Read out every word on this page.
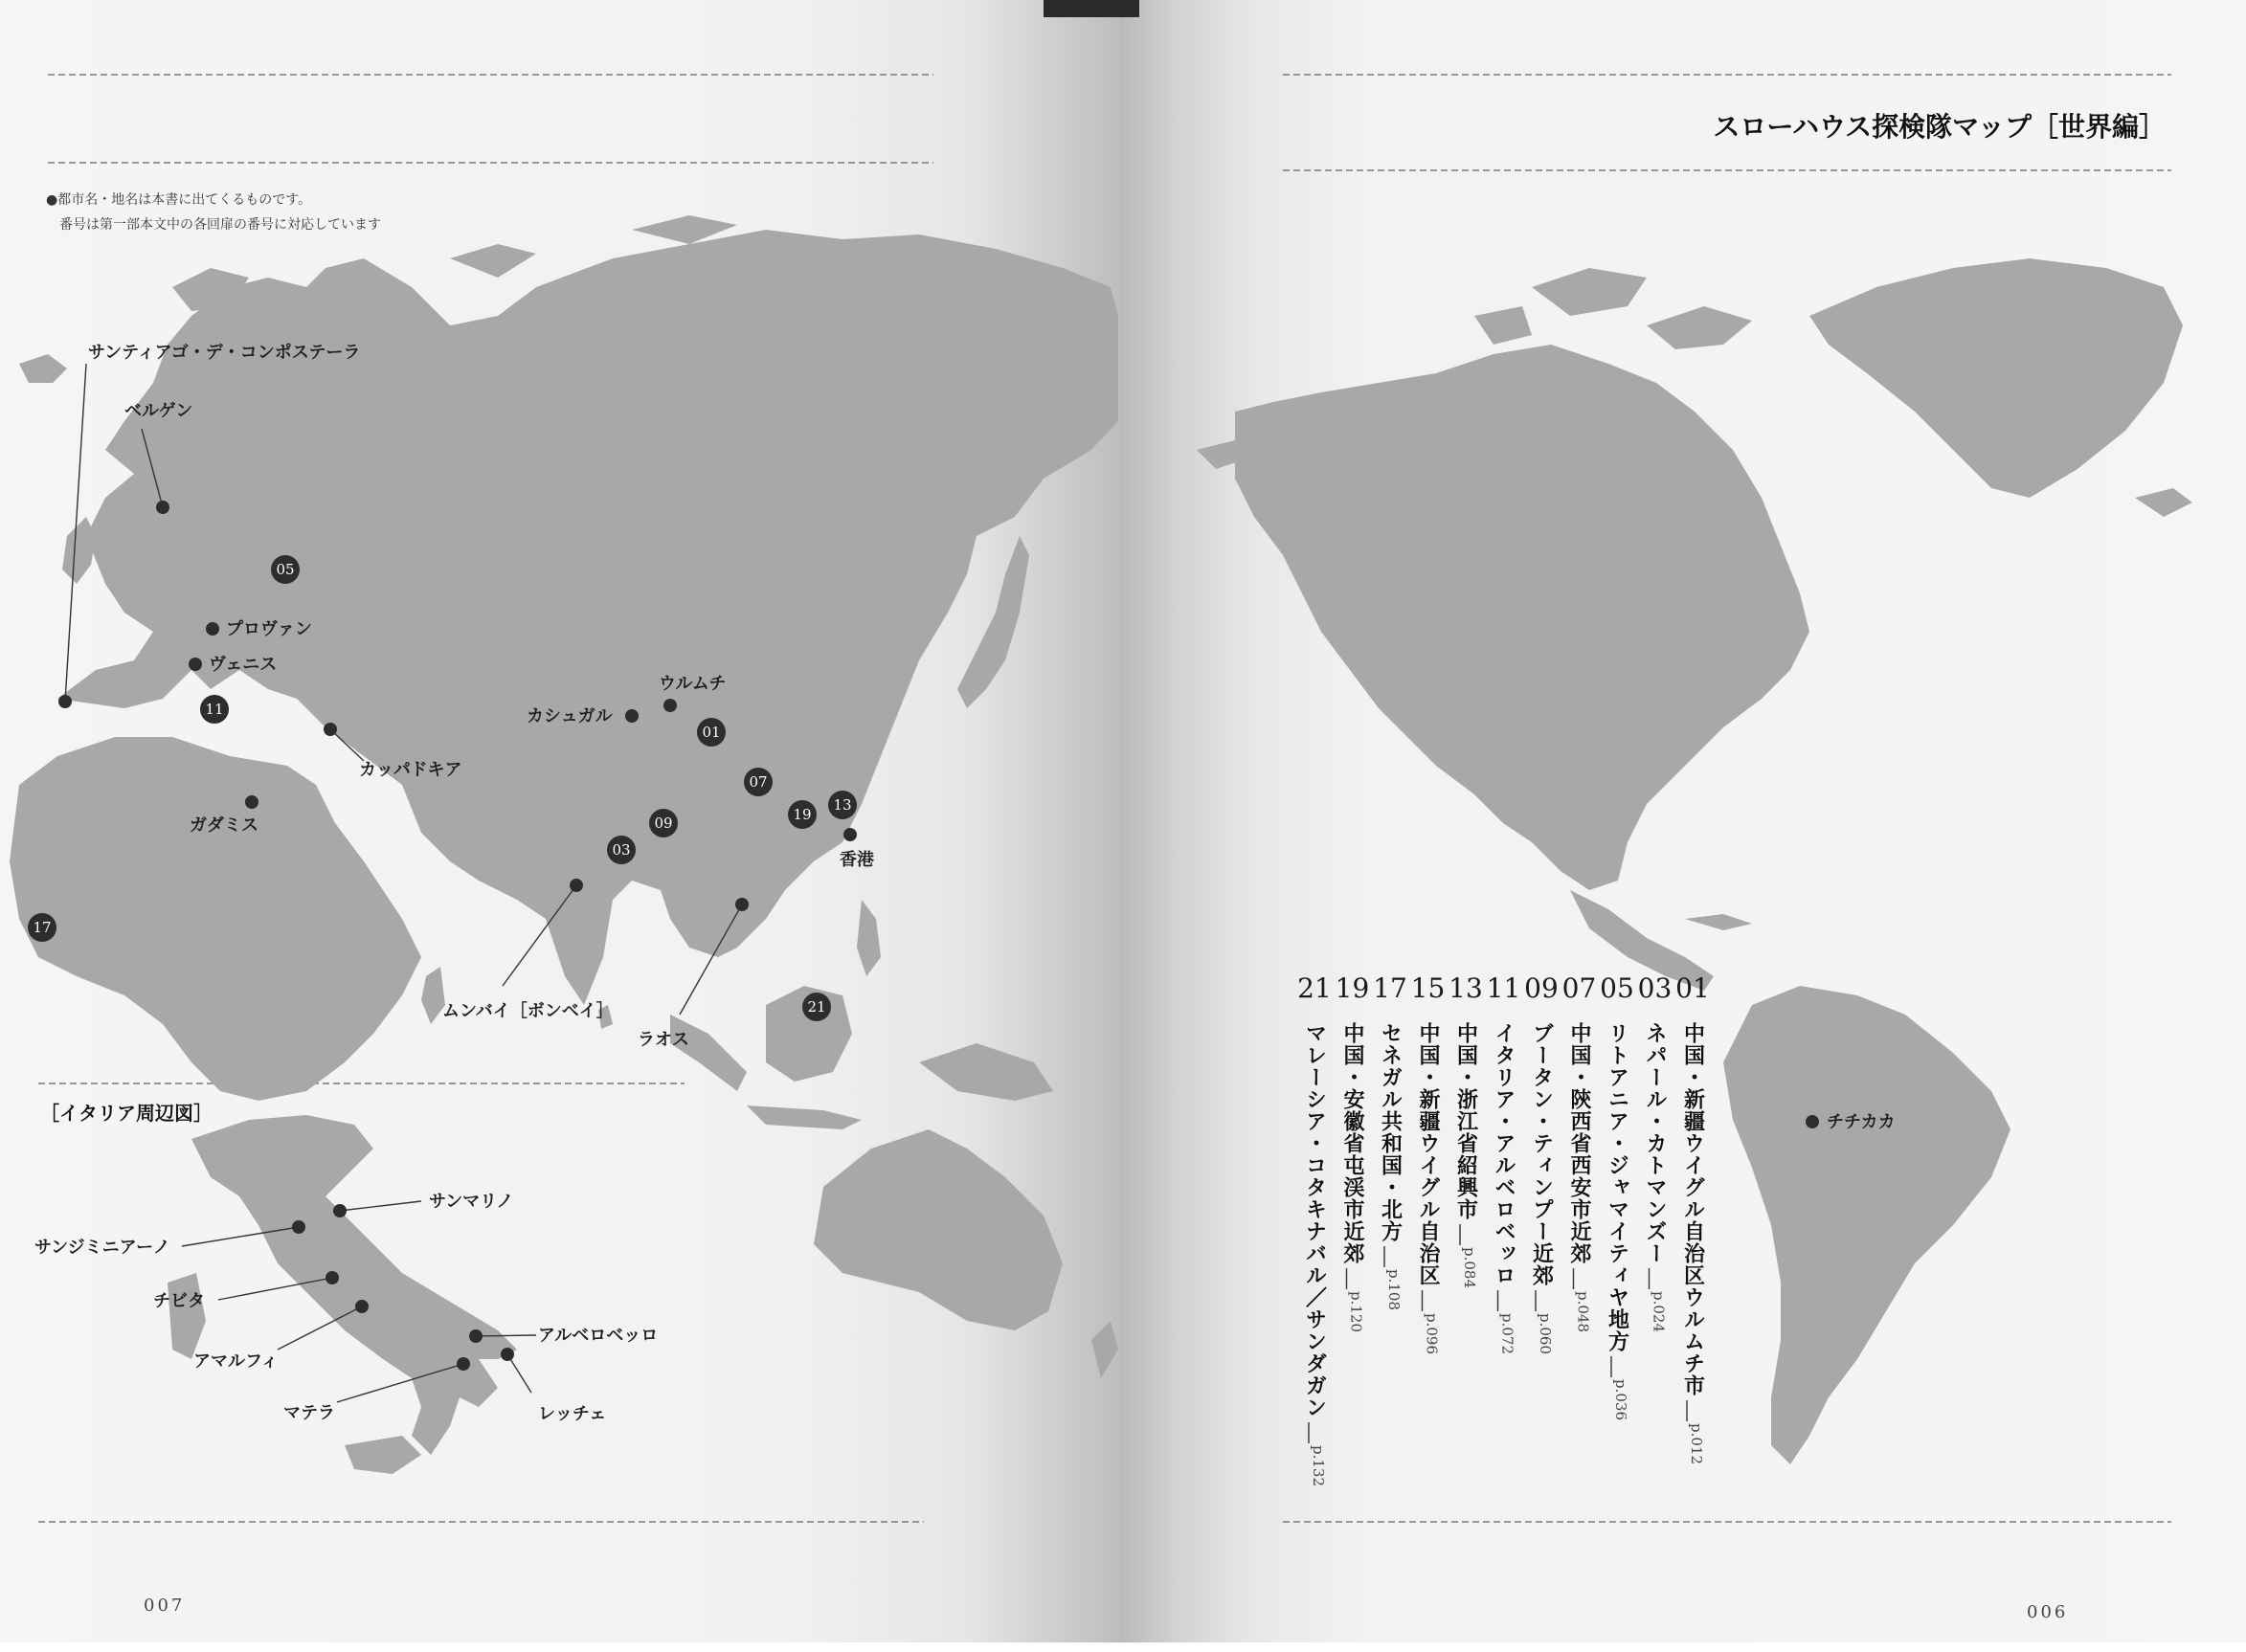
スローハウス探検隊マップ［世界編］
●都市名・地名は本書に出てくるものです。
番号は第一部本文中の各回扉の番号に対応しています
［イタリア周辺図］
007	006
サンティアゴ・デ・コンポステーラ
ベルゲン
プロヴァン
ヴェニス
カッパドキア
ガダミス
カシュガル
ウルムチ
香港
ムンバイ［ボンベイ］
ラオス
チチカカ
05
11
01
07
13
19
09
03
17
21
サンマリノ
サンジミニアーノ
チビタ
アルベロベッロ
アマルフィ
マテラ	レッチェ
01
中国・新疆ウイグル自治区ウルムチ市
p.012
03
ネパール・カトマンズー
p.024
05
リトアニア・ジャマイティヤ地方
p.036
07
中国・陝西省西安市近郊
p.048
09
ブータン・ティンプー近郊
p.060
11
イタリア・アルベロベッロ
p.072
13
中国・浙江省紹興市
p.084
15
中国・新疆ウイグル自治区
p.096
17
セネガル共和国・北方
p.108
19
中国・安徽省屯渓市近郊
p.120
21
マレーシア・コタキナバル／サンダガン
p.132
